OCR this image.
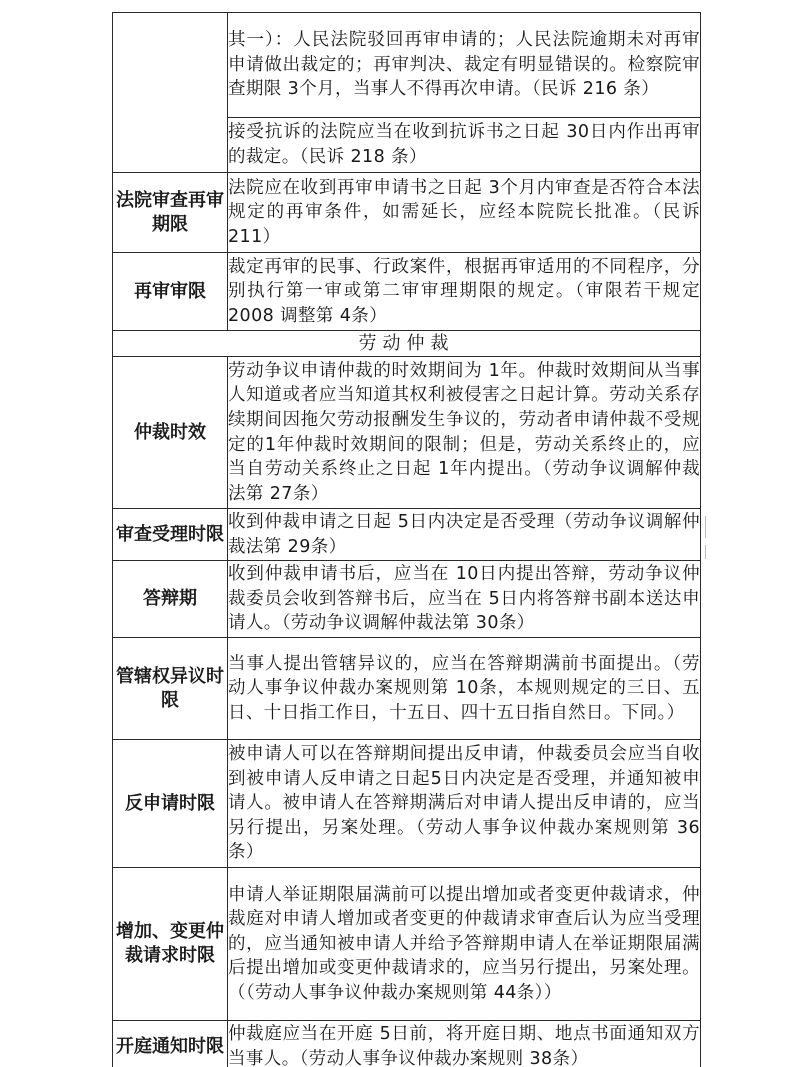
	其一）：人民法院驳回再审申请的；人民法院逾期未对再审申请做出裁定的；再审判决、裁定有明显错误的。检察院审查期限 3个月，当事人不得再次申请。（民诉 216 条）
	接受抗诉的法院应当在收到抗诉书之日起 30日内作出再审的裁定。（民诉 218 条）
法院审查再审期限	法院应在收到再审申请书之日起 3个月内审查是否符合本法规定的再审条件，如需延长，应经本院院长批准。（民诉 211）
再审审限	裁定再审的民事、行政案件，根据再审适用的不同程序，分别执行第一审或第二审审理期限的规定。（审限若干规定 2008 调整第 4条）
劳动仲裁	
仲裁时效	劳动争议申请仲裁的时效期间为 1年。仲裁时效期间从当事人知道或者应当知道其权利被侵害之日起计算。劳动关系存续期间因拖欠劳动报酬发生争议的，劳动者申请仲裁不受规定的1年仲裁时效期间的限制；但是，劳动关系终止的，应当自劳动关系终止之日起 1年内提出。（劳动争议调解仲裁法第 27条）
审查受理时限	收到仲裁申请之日起 5日内决定是否受理（劳动争议调解仲裁法第 29条）
答辩期	收到仲裁申请书后，应当在 10日内提出答辩，劳动争议仲裁委员会收到答辩书后，应当在 5日内将答辩书副本送达申请人。（劳动争议调解仲裁法第 30条）
管辖权异议时限	当事人提出管辖异议的，应当在答辩期满前书面提出。（劳动人事争议仲裁办案规则第 10条，本规则规定的三日、五日、十日指工作日，十五日、四十五日指自然日。下同。）
反申请时限	被申请人可以在答辩期间提出反申请，仲裁委员会应当自收到被申请人反申请之日起5日内决定是否受理，并通知被申请人。被申请人在答辩期满后对申请人提出反申请的，应当另行提出，另案处理。（劳动人事争议仲裁办案规则第 36条）
增加、变更仲裁请求时限	申请人举证期限届满前可以提出增加或者变更仲裁请求，仲裁庭对申请人增加或者变更的仲裁请求审查后认为应当受理的，应当通知被申请人并给予答辩期申请人在举证期限届满后提出增加或变更仲裁请求的，应当另行提出，另案处理。（（劳动人事争议仲裁办案规则第 44条））
开庭通知时限	仲裁庭应当在开庭 5日前，将开庭日期、地点书面通知双方当事人。（劳动人事争议仲裁办案规则 38条）
